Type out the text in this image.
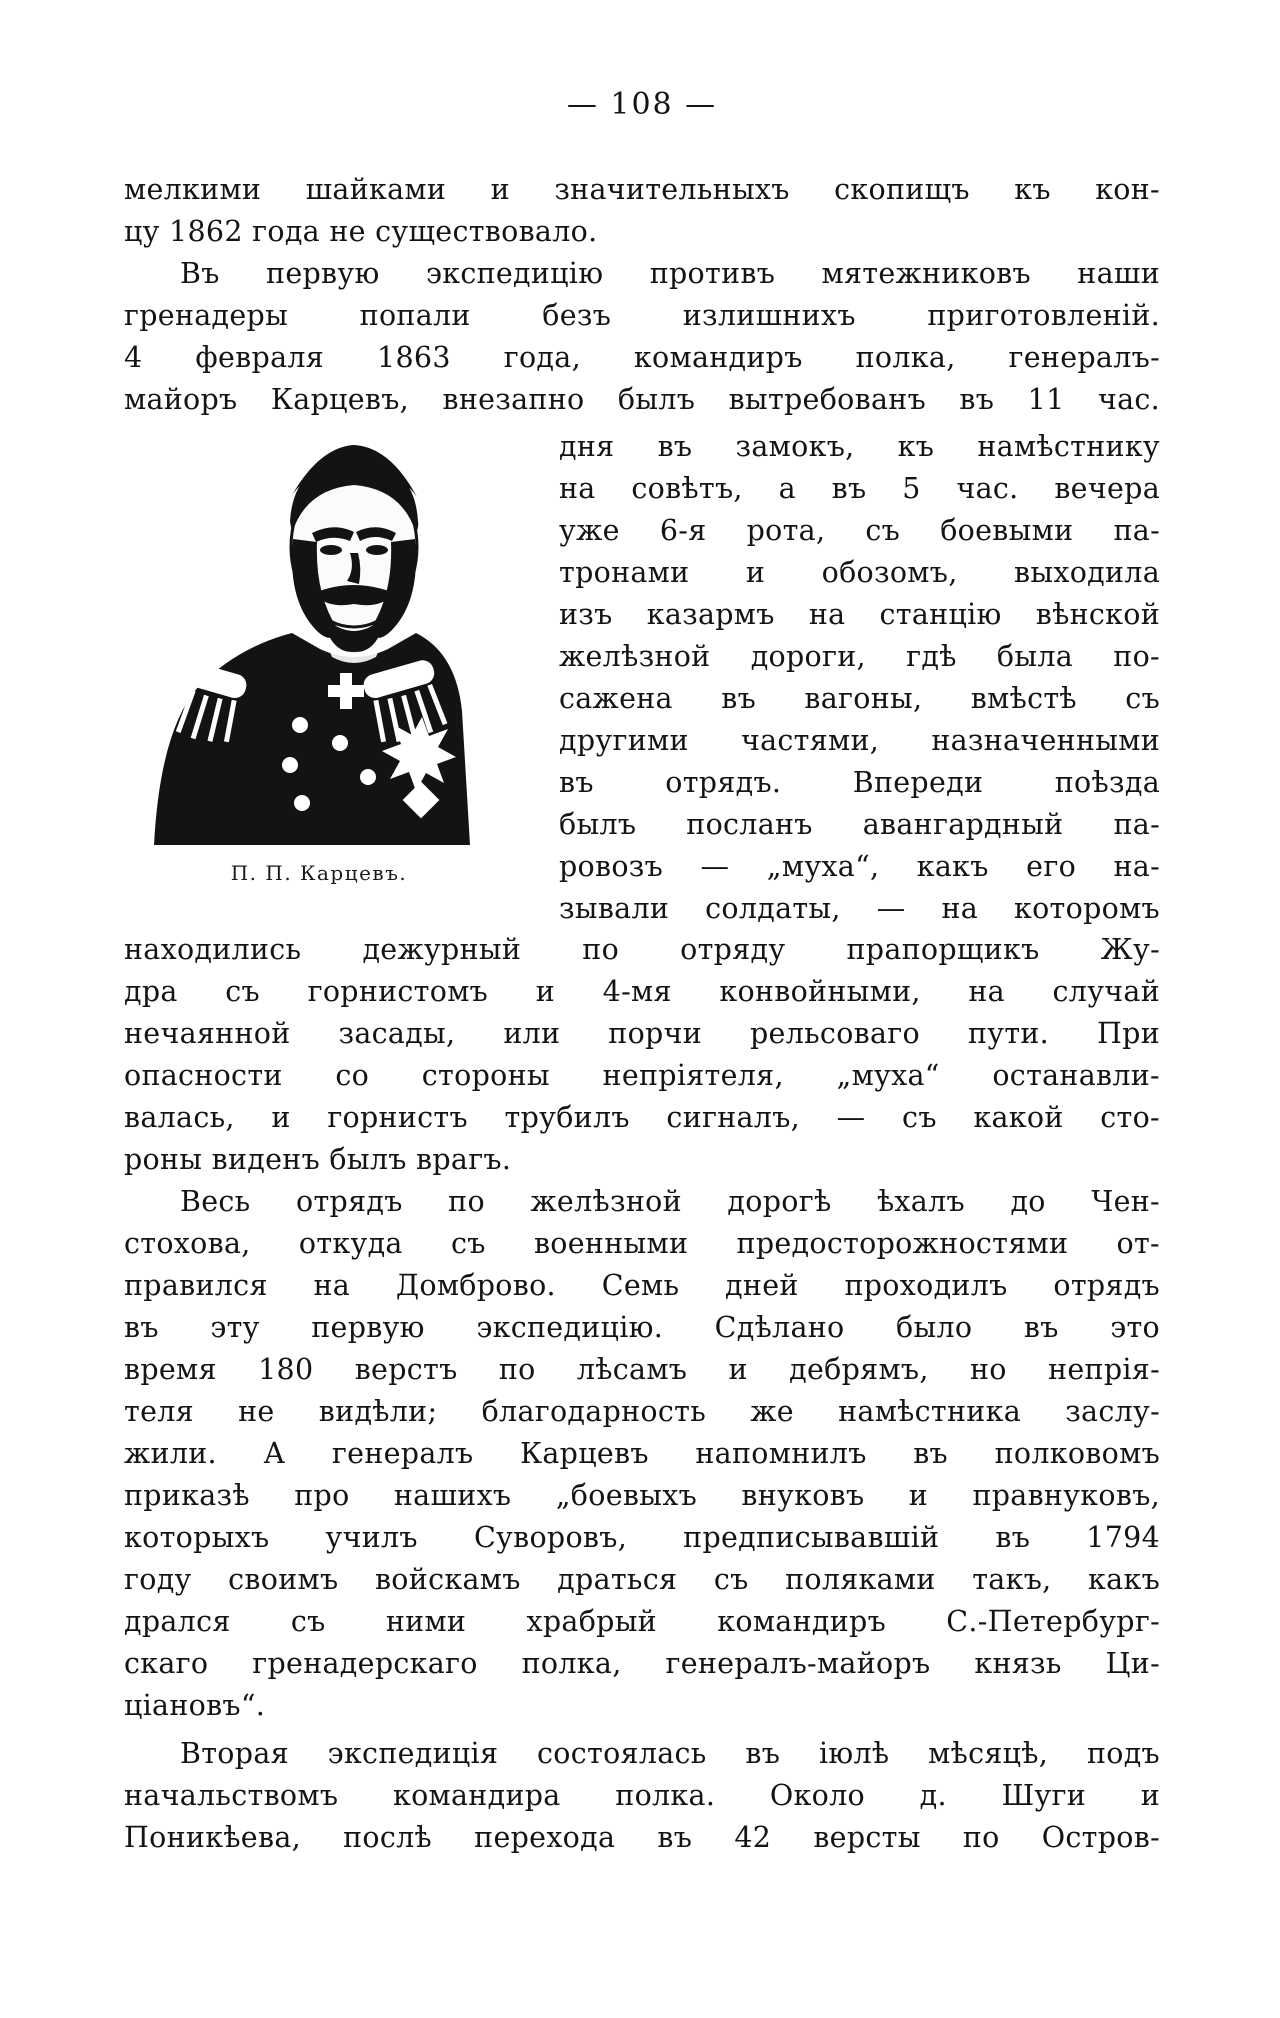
— 108 —
мелкими шайками и значительныхъ скопищъ къ кон-
цу 1862 года не существовало.
Въ первую экспедицію противъ мятежниковъ наши
гренадеры попали безъ излишнихъ приготовленій.
4 февраля 1863 года, командиръ полка, генералъ-
майоръ Карцевъ, внезапно былъ вытребованъ въ 11 час.
П. П. Карцевъ.
дня въ замокъ, къ намѣстнику
на совѣтъ, а въ 5 час. вечера
уже 6-я рота, съ боевыми па-
тронами и обозомъ, выходила
изъ казармъ на станцію вѣнской
желѣзной дороги, гдѣ была по-
сажена въ вагоны, вмѣстѣ съ
другими частями, назначенными
въ отрядъ. Впереди поѣзда
былъ посланъ авангардный па-
ровозъ — „муха“, какъ его на-
зывали солдаты, — на которомъ
находились дежурный по отряду прапорщикъ Жу-
дра съ горнистомъ и 4-мя конвойными, на случай
нечаянной засады, или порчи рельсоваго пути. При
опасности со стороны непріятеля, „муха“ останавли-
валась, и горнистъ трубилъ сигналъ, — съ какой сто-
роны виденъ былъ врагъ.
Весь отрядъ по желѣзной дорогѣ ѣхалъ до Чен-
стохова, откуда съ военными предосторожностями от-
правился на Домброво. Семь дней проходилъ отрядъ
въ эту первую экспедицію. Сдѣлано было въ это
время 180 верстъ по лѣсамъ и дебрямъ, но непрія-
теля не видѣли; благодарность же намѣстника заслу-
жили. А генералъ Карцевъ напомнилъ въ полковомъ
приказѣ про нашихъ „боевыхъ внуковъ и правнуковъ,
которыхъ училъ Суворовъ, предписывавшій въ 1794
году своимъ войскамъ драться съ поляками такъ, какъ
дрался съ ними храбрый командиръ С.-Петербург-
скаго гренадерскаго полка, генералъ-майоръ князь Ци-
ціановъ“.
Вторая экспедиція состоялась въ іюлѣ мѣсяцѣ, подъ
начальствомъ командира полка. Около д. Шуги и
Поникѣева, послѣ перехода въ 42 версты по Остров-
